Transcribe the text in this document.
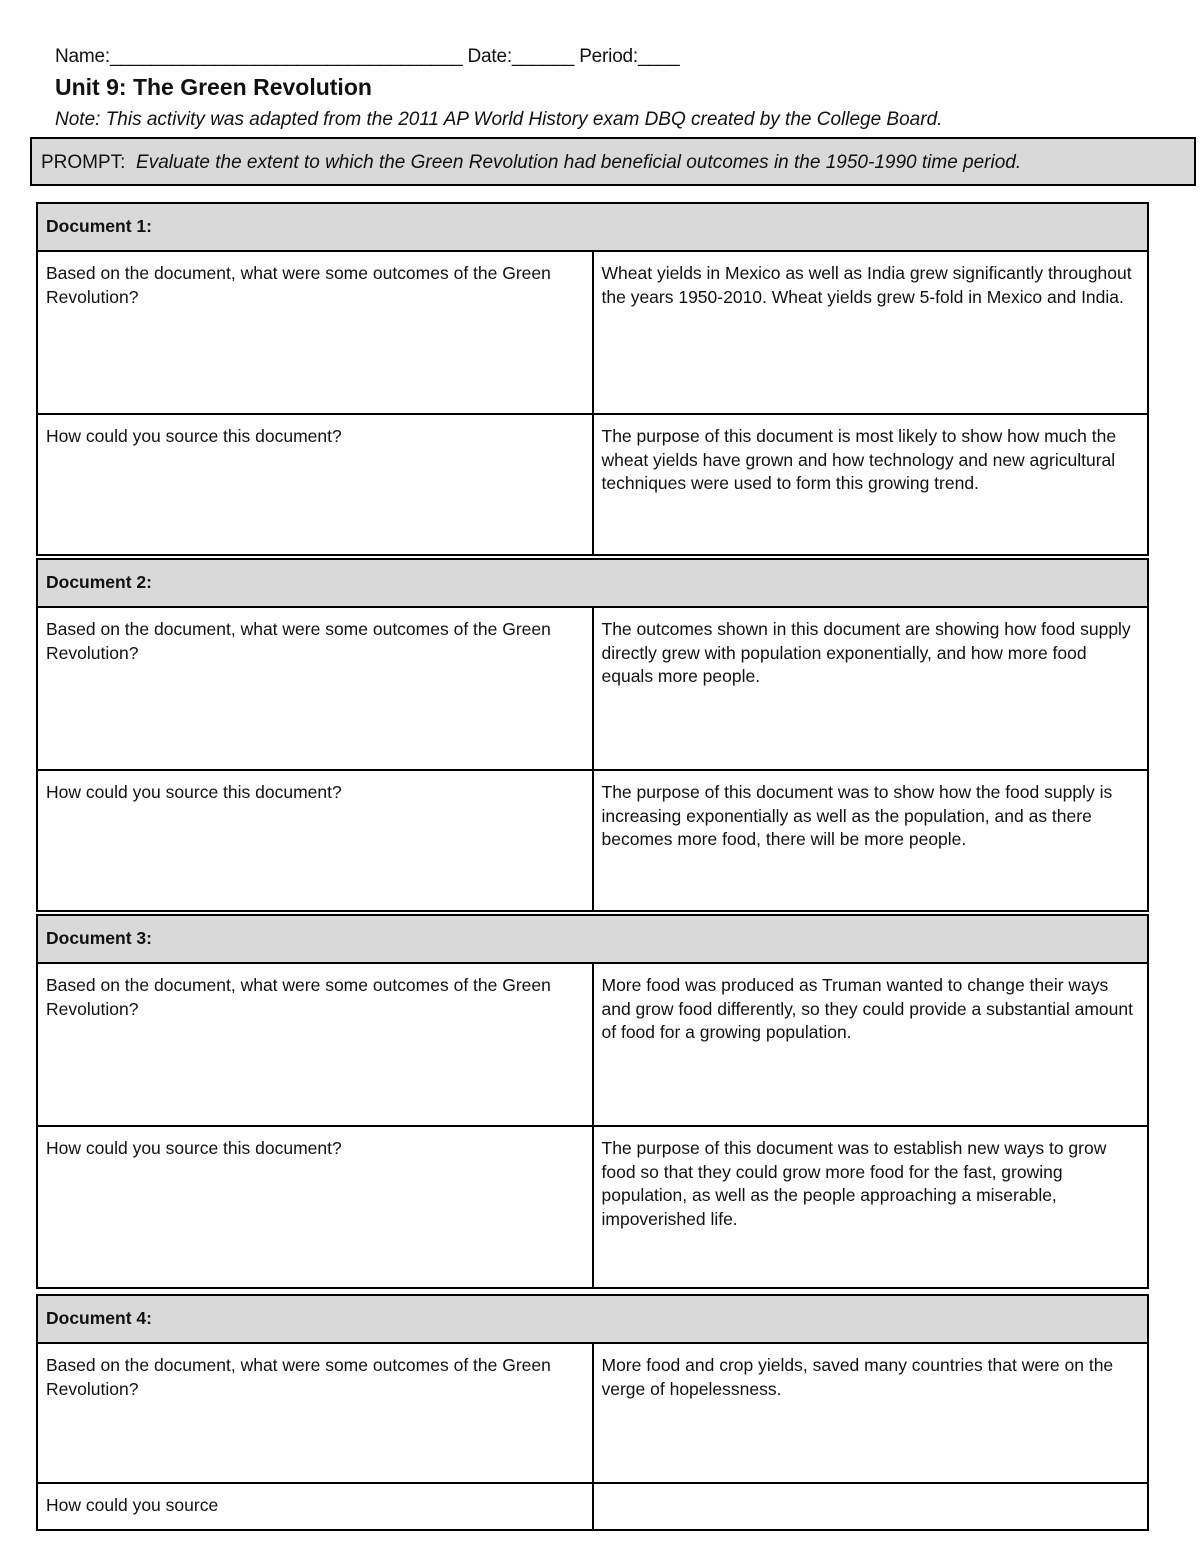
Name:__________________________________ Date:______ Period:____
Unit 9: The Green Revolution
Note: This activity was adapted from the 2011 AP World History exam DBQ created by the College Board.
PROMPT: Evaluate the extent to which the Green Revolution had beneficial outcomes in the 1950-1990 time period.
Document 1:	
Based on the document, what were some outcomes of the Green Revolution?	Wheat yields in Mexico as well as India grew significantly throughout the years 1950-2010. Wheat yields grew 5-fold in Mexico and India.
How could you source this document?	The purpose of this document is most likely to show how much the wheat yields have grown and how technology and new agricultural techniques were used to form this growing trend.
Document 2:	
Based on the document, what were some outcomes of the Green Revolution?	The outcomes shown in this document are showing how food supply directly grew with population exponentially, and how more food equals more people.
How could you source this document?	The purpose of this document was to show how the food supply is increasing exponentially as well as the population, and as there becomes more food, there will be more people.
Document 3:	
Based on the document, what were some outcomes of the Green Revolution?	More food was produced as Truman wanted to change their ways and grow food differently, so they could provide a substantial amount of food for a growing population.
How could you source this document?	The purpose of this document was to establish new ways to grow food so that they could grow more food for the fast, growing population, as well as the people approaching a miserable, impoverished life.
Document 4:	
Based on the document, what were some outcomes of the Green Revolution?	More food and crop yields, saved many countries that were on the verge of hopelessness.
How could you source	
